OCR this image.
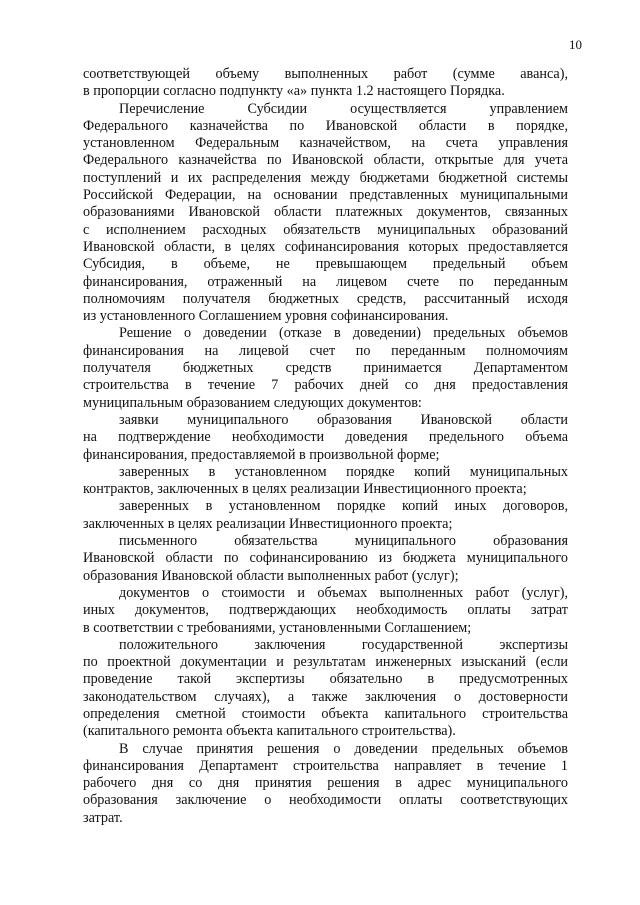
10
соответствующей объему выполненных работ (сумме аванса),
в пропорции согласно подпункту «а» пункта 1.2 настоящего Порядка.
Перечисление Субсидии осуществляется управлением
Федерального казначейства по Ивановской области в порядке,
установленном Федеральным казначейством, на счета управления
Федерального казначейства по Ивановской области, открытые для учета
поступлений и их распределения между бюджетами бюджетной системы
Российской Федерации, на основании представленных муниципальными
образованиями Ивановской области платежных документов, связанных
с исполнением расходных обязательств муниципальных образований
Ивановской области, в целях софинансирования которых предоставляется
Субсидия, в объеме, не превышающем предельный объем
финансирования, отраженный на лицевом счете по переданным
полномочиям получателя бюджетных средств, рассчитанный исходя
из установленного Соглашением уровня софинансирования.
Решение о доведении (отказе в доведении) предельных объемов
финансирования на лицевой счет по переданным полномочиям
получателя бюджетных средств принимается Департаментом
строительства в течение 7 рабочих дней со дня предоставления
муниципальным образованием следующих документов:
заявки муниципального образования Ивановской области
на подтверждение необходимости доведения предельного объема
финансирования, предоставляемой в произвольной форме;
заверенных в установленном порядке копий муниципальных
контрактов, заключенных в целях реализации Инвестиционного проекта;
заверенных в установленном порядке копий иных договоров,
заключенных в целях реализации Инвестиционного проекта;
письменного обязательства муниципального образования
Ивановской области по софинансированию из бюджета муниципального
образования Ивановской области выполненных работ (услуг);
документов о стоимости и объемах выполненных работ (услуг),
иных документов, подтверждающих необходимость оплаты затрат
в соответствии с требованиями, установленными Соглашением;
положительного заключения государственной экспертизы
по проектной документации и результатам инженерных изысканий (если
проведение такой экспертизы обязательно в предусмотренных
законодательством случаях), а также заключения о достоверности
определения сметной стоимости объекта капитального строительства
(капитального ремонта объекта капитального строительства).
В случае принятия решения о доведении предельных объемов
финансирования Департамент строительства направляет в течение 1
рабочего дня со дня принятия решения в адрес муниципального
образования заключение о необходимости оплаты соответствующих
затрат.
